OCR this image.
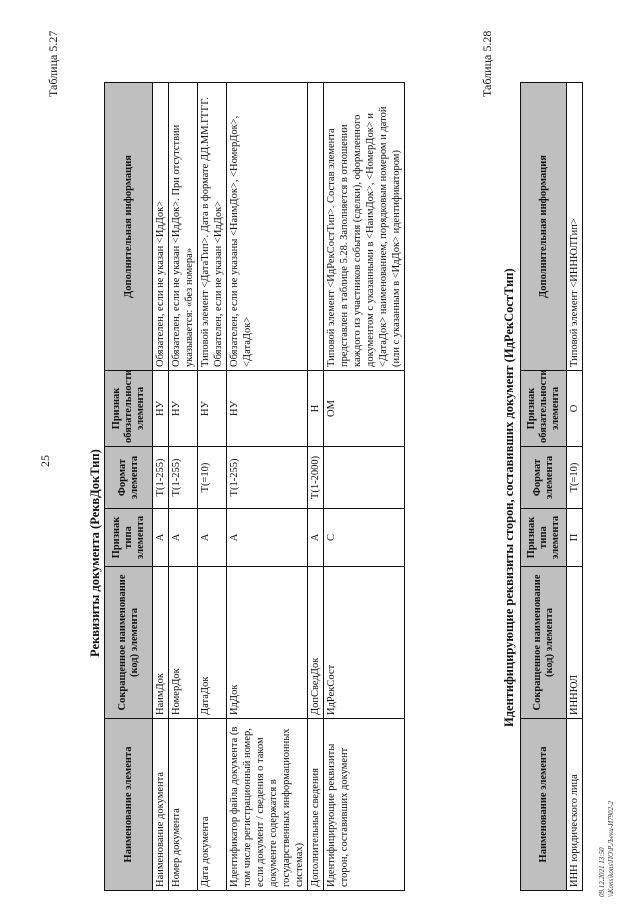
25
Таблица 5.27
Реквизиты документа (РеквДокТип)
Наименование элемента	Сокращенное наименование (код) элемента	Признак типа элемента	Формат элемента	Признак обязательности элемента	Дополнительная информация
Наименование документа	НаимДок	А	T(1-255)	НУ	Обязателен, если не указан <ИдДок>
Номер документа	НомерДок	А	T(1-255)	НУ	Обязателен, если не указан <ИдДок>. При отсутствии указывается: «без номера»
Дата документа	ДатаДок	А	T(=10)	НУ	Типовой элемент <ДатаТип>. Дата в формате ДД.ММ.ГГГГ. Обязателен, если не указан <ИдДок>
Идентификатор файла документа (в том числе регистрационный номер, если документ / сведения о таком документе содержатся в государственных информационных системах)	ИдДок	А	T(1-255)	НУ	Обязателен, если не указаны <НаимДок>, <НомерДок>, <ДатаДок>
Дополнительные сведения	ДопСведДок	А	T(1-2000)	Н	
Идентифицирующие реквизиты сторон, составивших документ	ИдРекСост	С		ОМ	Типовой элемент <ИдРекСостТип>. Состав элемента представлен в таблице 5.28. Заполняется в отношении каждого из участников события (сделки), оформленного документом с указанными в <НаимДок>, <НомерДок> и <ДатаДок> наименованием, порядковым номером и датой (или с указанным в <ИдДок> идентификатором)
Таблица 5.28
Идентифицирующие реквизиты сторон, составивших документ (ИдРекСостТип)
Наименование элемента	Сокращенное наименование (код) элемента	Признак типа элемента	Формат элемента	Признак обязательности элемента	Дополнительная информация
ИНН юридического лица	ИННЮЛ	П	T(=10)	О	Типовой элемент <ИННЮЛТип>
09.12.2021 13:50 \\Kons\kons\ПО\Р.Љеки-И7902-2
